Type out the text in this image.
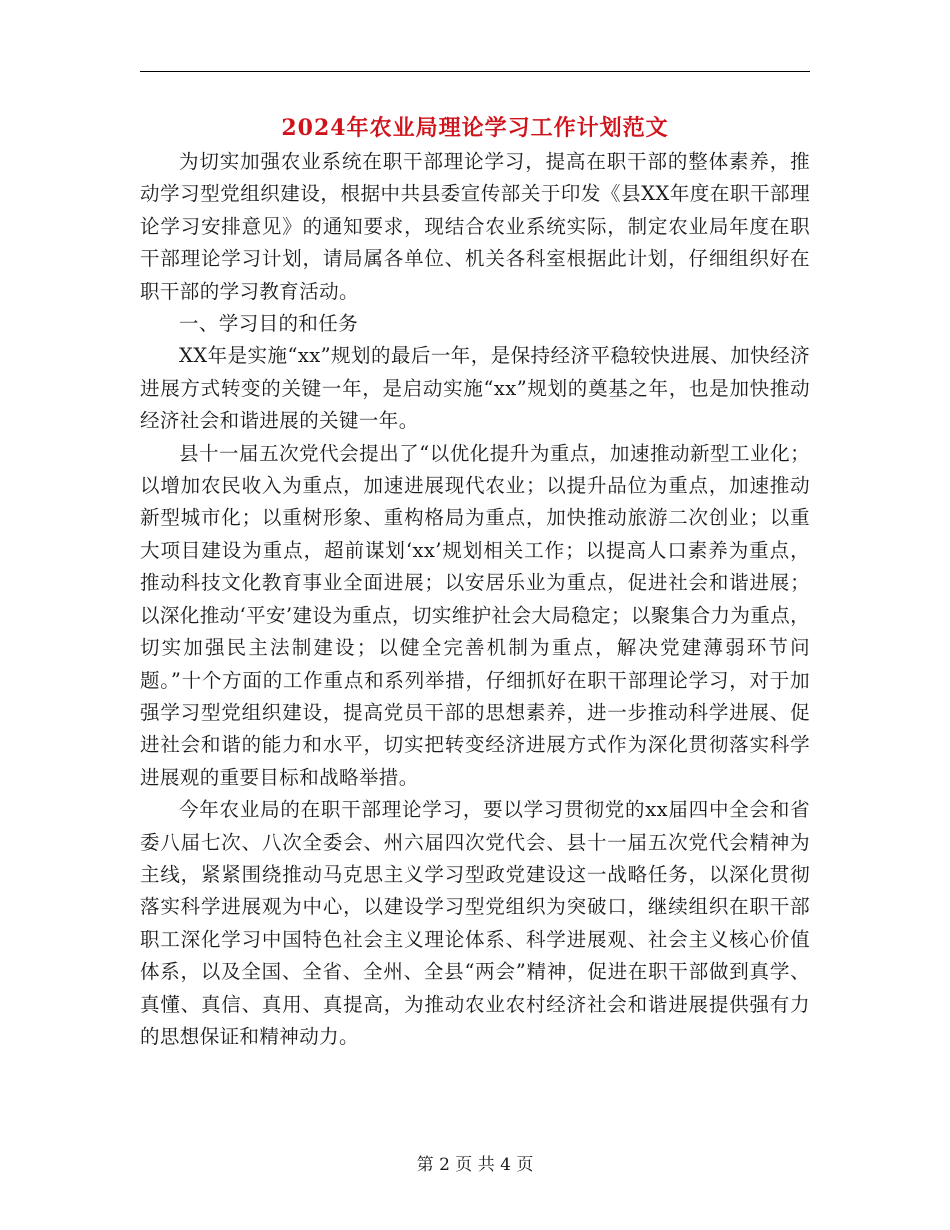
2024年农业局理论学习工作计划范文

为切实加强农业系统在职干部理论学习，提高在职干部的整体素养，推动学习型党组织建设，根据中共县委宣传部关于印发《县XX年度在职干部理论学习安排意见》的通知要求，现结合农业系统实际，制定农业局年度在职干部理论学习计划，请局属各单位、机关各科室根据此计划，仔细组织好在职干部的学习教育活动。

一、学习目的和任务

XX年是实施“xx”规划的最后一年，是保持经济平稳较快进展、加快经济进展方式转变的关键一年，是启动实施“xx”规划的奠基之年，也是加快推动经济社会和谐进展的关键一年。

县十一届五次党代会提出了“以优化提升为重点，加速推动新型工业化；以增加农民收入为重点，加速进展现代农业；以提升品位为重点，加速推动新型城市化；以重树形象、重构格局为重点，加快推动旅游二次创业；以重大项目建设为重点，超前谋划‘xx’规划相关工作；以提高人口素养为重点，推动科技文化教育事业全面进展；以安居乐业为重点，促进社会和谐进展；以深化推动‘平安’建设为重点，切实维护社会大局稳定；以聚集合力为重点，切实加强民主法制建设；以健全完善机制为重点，解决党建薄弱环节问题。”十个方面的工作重点和系列举措，仔细抓好在职干部理论学习，对于加强学习型党组织建设，提高党员干部的思想素养，进一步推动科学进展、促进社会和谐的能力和水平，切实把转变经济进展方式作为深化贯彻落实科学进展观的重要目标和战略举措。

今年农业局的在职干部理论学习，要以学习贯彻党的xx届四中全会和省委八届七次、八次全委会、州六届四次党代会、县十一届五次党代会精神为主线，紧紧围绕推动马克思主义学习型政党建设这一战略任务，以深化贯彻落实科学进展观为中心，以建设学习型党组织为突破口，继续组织在职干部职工深化学习中国特色社会主义理论体系、科学进展观、社会主义核心价值体系，以及全国、全省、全州、全县“两会”精神，促进在职干部做到真学、真懂、真信、真用、真提高，为推动农业农村经济社会和谐进展提供强有力的思想保证和精神动力。

第 2 页 共 4 页
